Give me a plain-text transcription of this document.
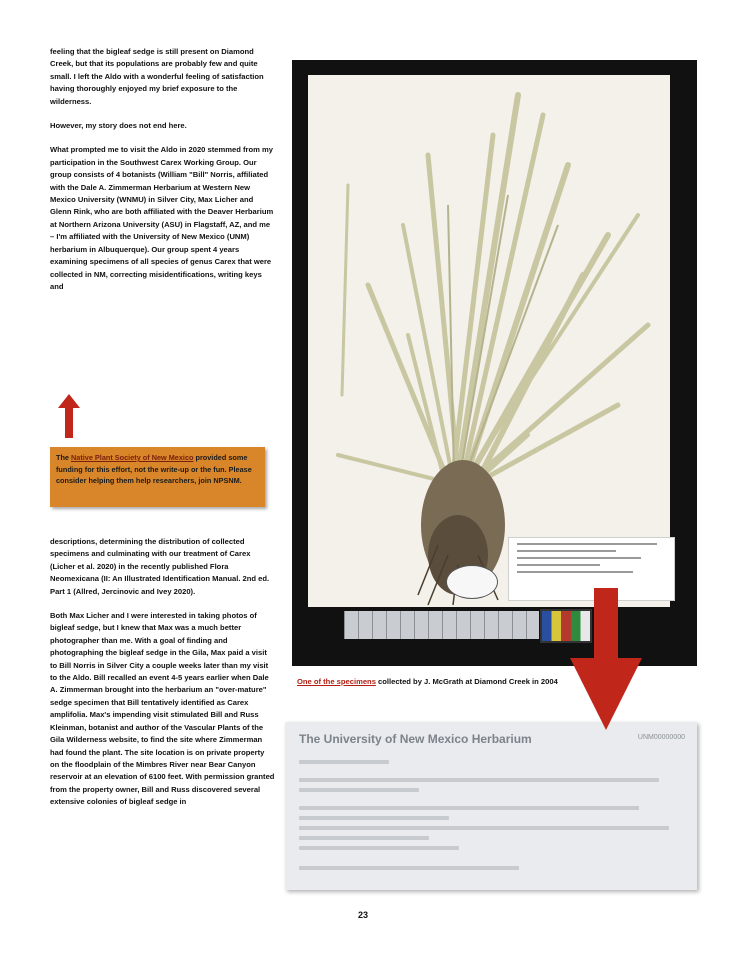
feeling that the bigleaf sedge is still present on Diamond Creek, but that its populations are probably few and quite small. I left the Aldo with a wonderful feeling of satisfaction having thoroughly enjoyed my brief exposure to the wilderness.

However, my story does not end here.

What prompted me to visit the Aldo in 2020 stemmed from my participation in the Southwest Carex Working Group. Our group consists of 4 botanists (William "Bill" Norris, affiliated with the Dale A. Zimmerman Herbarium at Western New Mexico University (WNMU) in Silver City, Max Licher and Glenn Rink, who are both affiliated with the Deaver Herbarium at Northern Arizona University (ASU) in Flagstaff, AZ, and me – I'm affiliated with the University of New Mexico (UNM) herbarium in Albuquerque). Our group spent 4 years examining specimens of all species of genus Carex that were collected in NM, correcting misidentifications, writing keys and

The Native Plant Society of New Mexico provided some funding for this effort, not the write-up or the fun. Please consider helping them help researchers, join NPSNM.

descriptions, determining the distribution of collected specimens and culminating with our treatment of Carex (Licher et al. 2020) in the recently published Flora Neomexicana (II: An Illustrated Identification Manual. 2nd ed. Part 1 (Allred, Jercinovic and Ivey 2020).

Both Max Licher and I were interested in taking photos of bigleaf sedge, but I knew that Max was a much better photographer than me. With a goal of finding and photographing the bigleaf sedge in the Gila, Max paid a visit to Bill Norris in Silver City a couple weeks later than my visit to the Aldo. Bill recalled an event 4-5 years earlier when Dale A. Zimmerman brought into the herbarium an "over-mature" sedge specimen that Bill tentatively identified as Carex amplifolia. Max's impending visit stimulated Bill and Russ Kleinman, botanist and author of the Vascular Plants of the Gila Wilderness website, to find the site where Zimmerman had found the plant. The site location is on private property on the floodplain of the Mimbres River near Bear Canyon reservoir at an elevation of 6100 feet. With permission granted from the property owner, Bill and Russ discovered several extensive colonies of bigleaf sedge in

One of the specimens collected by J. McGrath at Diamond Creek in 2004
The University of New Mexico Herbarium	UNM00000000
23
